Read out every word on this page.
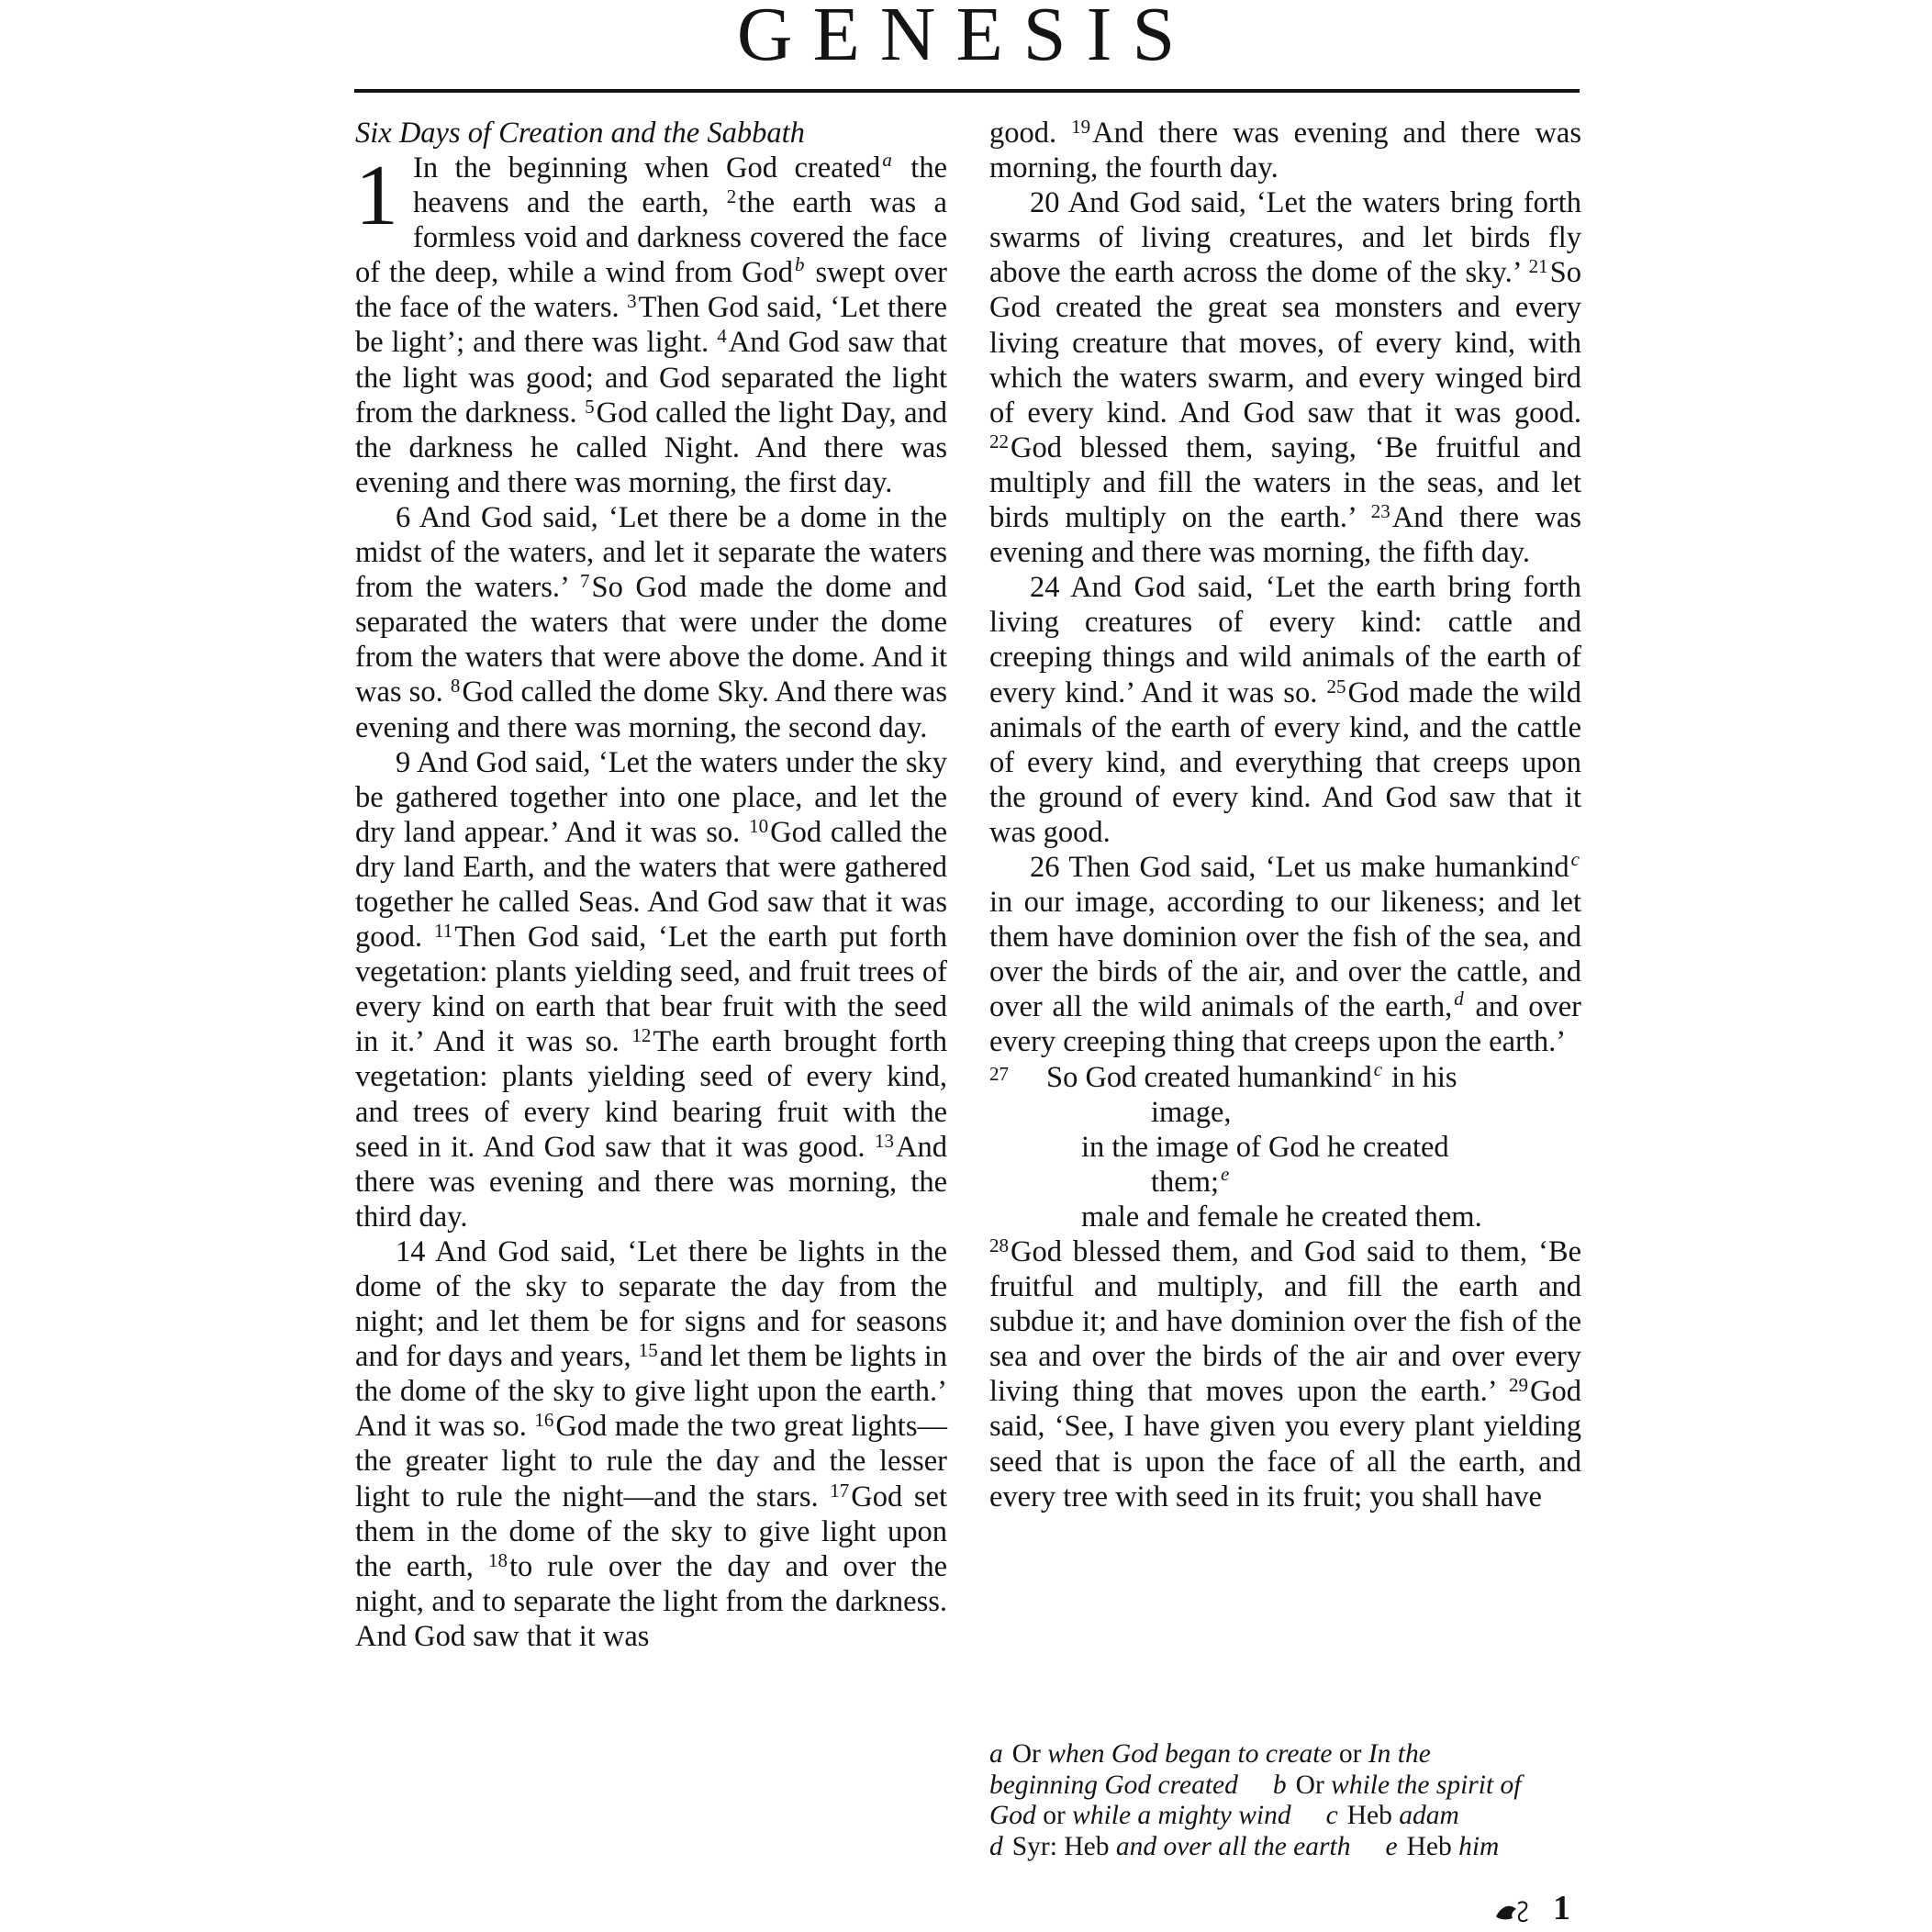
GENESIS
Six Days of Creation and the Sabbath

1 In the beginning when God created$^a$ the heavens and the earth, $^2$the earth was a formless void and darkness covered the face of the deep, while a wind from God$^b$ swept over the face of the waters. $^3$Then God said, ‘Let there be light’; and there was light. $^4$And God saw that the light was good; and God separated the light from the darkness. $^5$God called the light Day, and the darkness he called Night. And there was evening and there was morning, the first day.

6 And God said, ‘Let there be a dome in the midst of the waters, and let it separate the waters from the waters.’ $^7$So God made the dome and separated the waters that were under the dome from the waters that were above the dome. And it was so. $^8$God called the dome Sky. And there was evening and there was morning, the second day.

9 And God said, ‘Let the waters under the sky be gathered together into one place, and let the dry land appear.’ And it was so. $^{10}$God called the dry land Earth, and the waters that were gathered together he called Seas. And God saw that it was good. $^{11}$Then God said, ‘Let the earth put forth vegetation: plants yielding seed, and fruit trees of every kind on earth that bear fruit with the seed in it.’ And it was so. $^{12}$The earth brought forth vegetation: plants yielding seed of every kind, and trees of every kind bearing fruit with the seed in it. And God saw that it was good. $^{13}$And there was evening and there was morning, the third day.

14 And God said, ‘Let there be lights in the dome of the sky to separate the day from the night; and let them be for signs and for seasons and for days and years, $^{15}$and let them be lights in the dome of the sky to give light upon the earth.’ And it was so. $^{16}$God made the two great lights—the greater light to rule the day and the lesser light to rule the night—and the stars. $^{17}$God set them in the dome of the sky to give light upon the earth, $^{18}$to rule over the day and over the night, and to separate the light from the darkness. And God saw that it was

good. $^{19}$And there was evening and there was morning, the fourth day.

20 And God said, ‘Let the waters bring forth swarms of living creatures, and let birds fly above the earth across the dome of the sky.’ $^{21}$So God created the great sea monsters and every living creature that moves, of every kind, with which the waters swarm, and every winged bird of every kind. And God saw that it was good. $^{22}$God blessed them, saying, ‘Be fruitful and multiply and fill the waters in the seas, and let birds multiply on the earth.’ $^{23}$And there was evening and there was morning, the fifth day.

24 And God said, ‘Let the earth bring forth living creatures of every kind: cattle and creeping things and wild animals of the earth of every kind.’ And it was so. $^{25}$God made the wild animals of the earth of every kind, and the cattle of every kind, and everything that creeps upon the ground of every kind. And God saw that it was good.

26 Then God said, ‘Let us make humankind$^c$ in our image, according to our likeness; and let them have dominion over the fish of the sea, and over the birds of the air, and over the cattle, and over all the wild animals of the earth,$^d$ and over every creeping thing that creeps upon the earth.’

27	So God created humankind$^c$ in his
image,
in the image of God he created
them;$^e$
male and female he created them.

$^{28}$God blessed them, and God said to them, ‘Be fruitful and multiply, and fill the earth and subdue it; and have dominion over the fish of the sea and over the birds of the air and over every living thing that moves upon the earth.’ $^{29}$God said, ‘See, I have given you every plant yielding seed that is upon the face of all the earth, and every tree with seed in its fruit; you shall have

a Or when God began to create or In the
beginning God created b Or while the spirit of
God or while a mighty wind c Heb adam
d Syr: Heb and over all the earth e Heb him
1
